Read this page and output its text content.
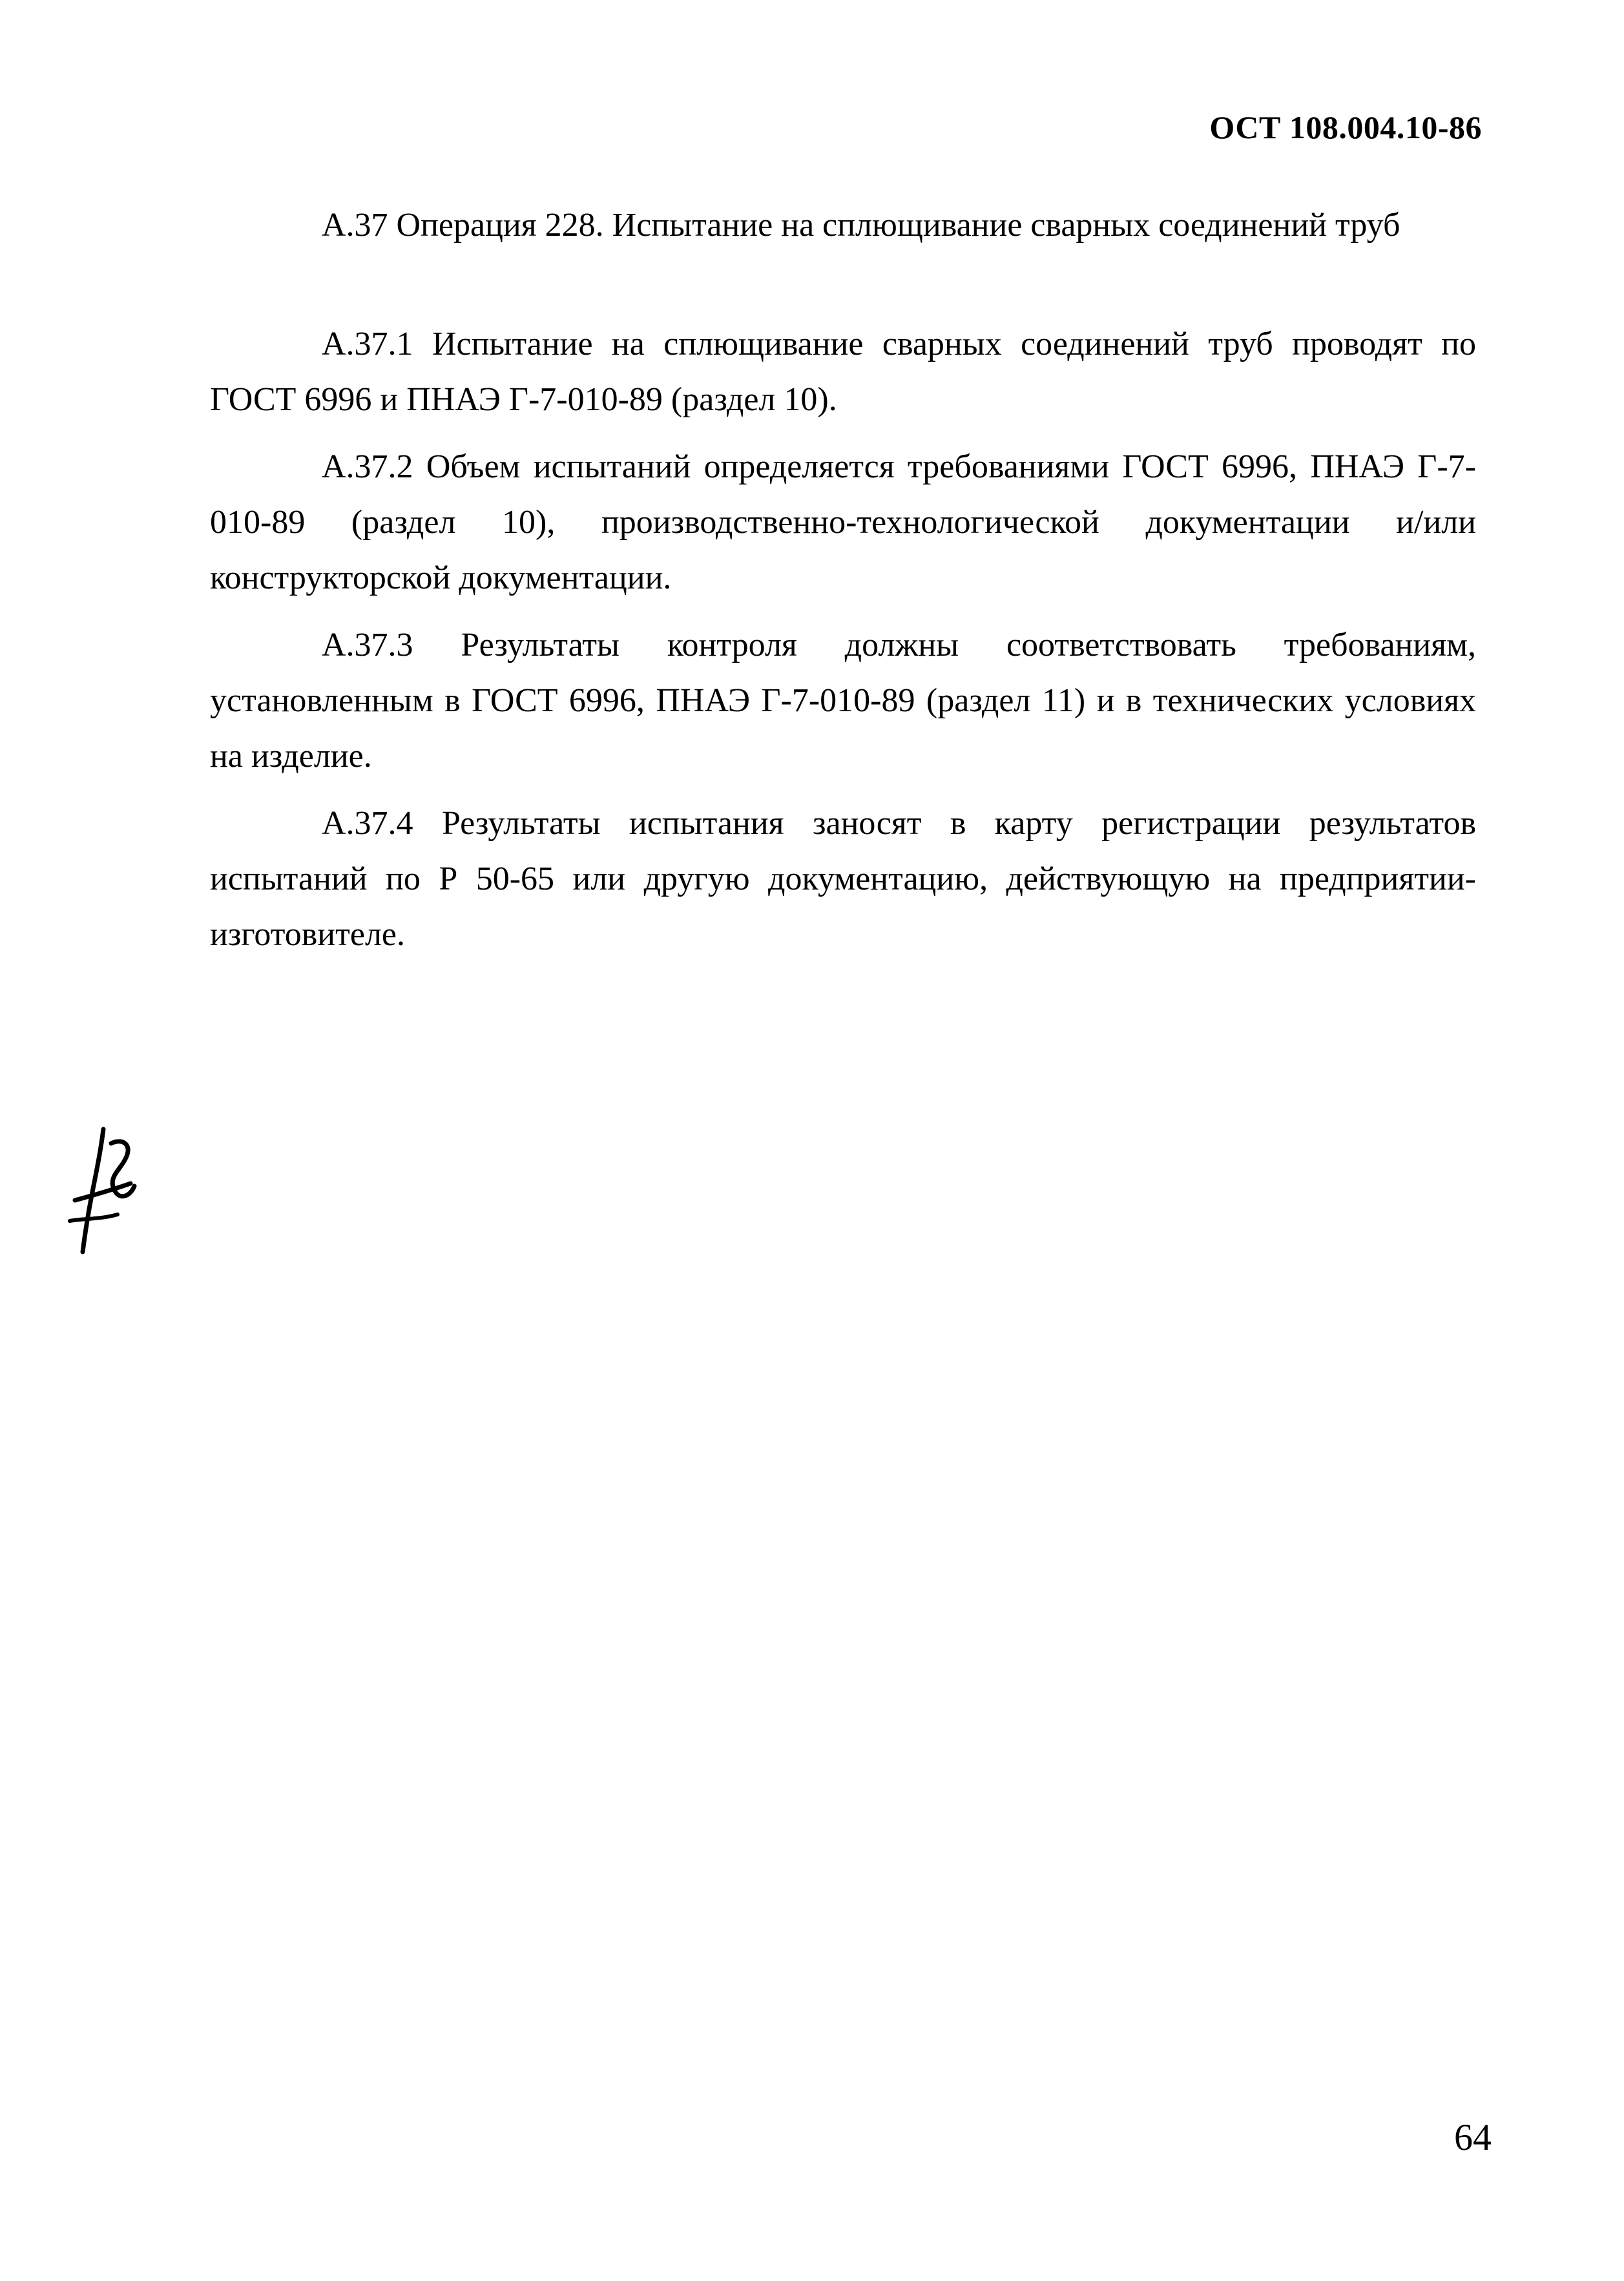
ОСТ 108.004.10-86
А.37 Операция 228. Испытание на сплющивание сварных соединений труб

А.37.1 Испытание на сплющивание сварных соединений труб проводят по ГОСТ 6996 и ПНАЭ Г-7-010-89 (раздел 10).

А.37.2 Объем испытаний определяется требованиями ГОСТ 6996, ПНАЭ Г-7-010-89 (раздел 10), производственно-технологической документации и/или конструкторской документации.

А.37.3 Результаты контроля должны соответствовать требованиям, установленным в ГОСТ 6996, ПНАЭ Г-7-010-89 (раздел 11) и в технических условиях на изделие.

А.37.4 Результаты испытания заносят в карту регистрации результатов испытаний по Р 50-65 или другую документацию, действующую на предприятии-изготовителе.

64
